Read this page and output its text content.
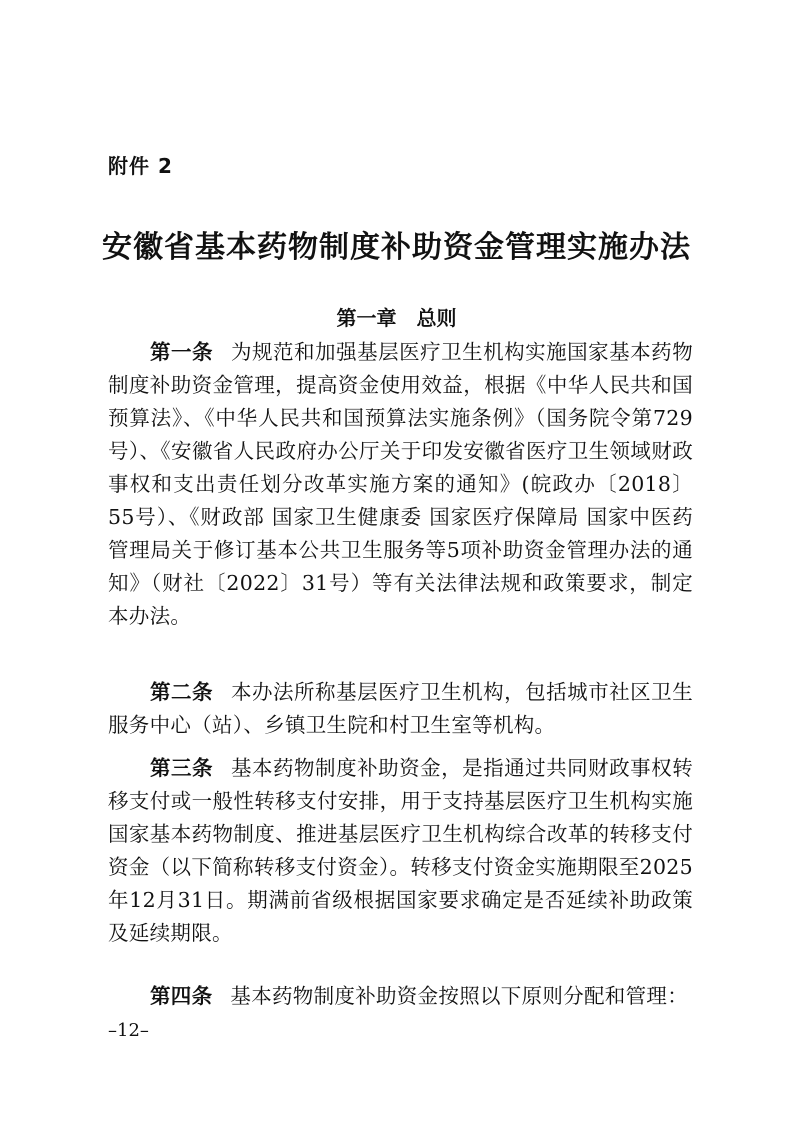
附件 2
安徽省基本药物制度补助资金管理实施办法
第一章　总则

第一条 为规范和加强基层医疗卫生机构实施国家基本药物制度补助资金管理，提高资金使用效益，根据《中华人民共和国预算法》、《中华人民共和国预算法实施条例》（国务院令第729号）、《安徽省人民政府办公厅关于印发安徽省医疗卫生领域财政事权和支出责任划分改革实施方案的通知》(皖政办〔2018〕55号）、《财政部 国家卫生健康委 国家医疗保障局 国家中医药管理局关于修订基本公共卫生服务等5项补助资金管理办法的通知》（财社〔2022〕31号）等有关法律法规和政策要求，制定本办法。

第二条 本办法所称基层医疗卫生机构，包括城市社区卫生服务中心（站）、乡镇卫生院和村卫生室等机构。

第三条 基本药物制度补助资金，是指通过共同财政事权转移支付或一般性转移支付安排，用于支持基层医疗卫生机构实施国家基本药物制度、推进基层医疗卫生机构综合改革的转移支付资金（以下简称转移支付资金）。转移支付资金实施期限至2025年12月31日。期满前省级根据国家要求确定是否延续补助政策及延续期限。

第四条 基本药物制度补助资金按照以下原则分配和管理：

–12–
